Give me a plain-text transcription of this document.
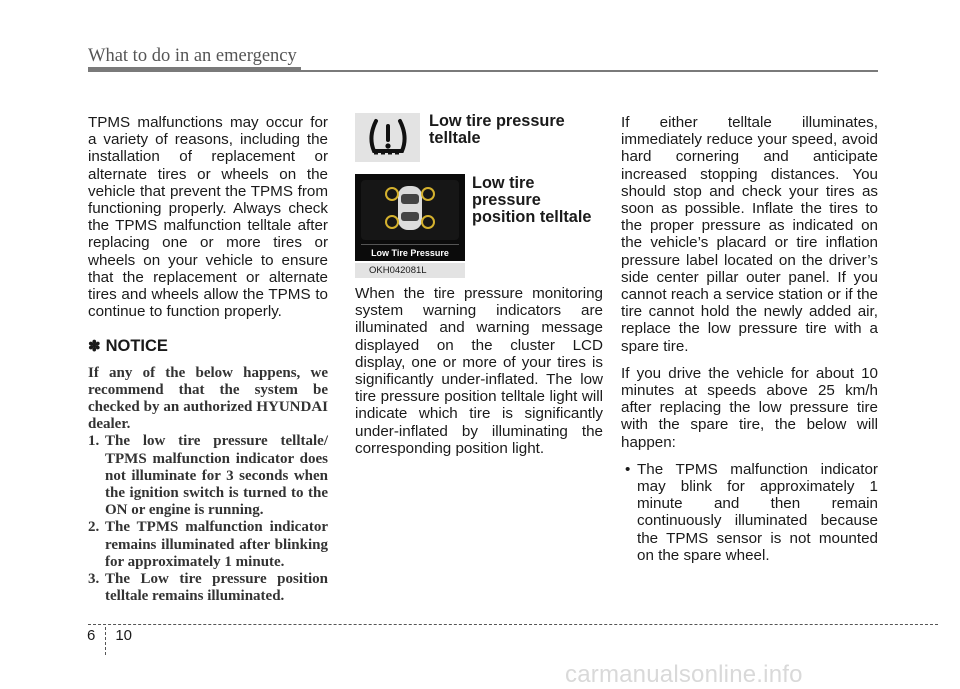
What to do in an emergency

TPMS malfunctions may occur for a variety of reasons, including the installation of replacement or alternate tires or wheels on the vehicle that prevent the TPMS from functioning properly. Always check the TPMS malfunction telltale after replacing one or more tires or wheels on your vehicle to ensure that the replacement or alternate tires and wheels allow the TPMS to continue to function properly.

✽ NOTICE

If any of the below happens, we recommend that the system be checked by an authorized HYUNDAI dealer.

1. The low tire pressure telltale/ TPMS malfunction indicator does not illuminate for 3 seconds when the ignition switch is turned to the ON or engine is running.
2. The TPMS malfunction indicator remains illuminated after blinking for approximately 1 minute.
3. The Low tire pressure position telltale remains illuminated.
Low tire pressure telltale
Low Tire Pressure
Low tire pressure position telltale
OKH042081L

When the tire pressure monitoring system warning indicators are illuminated and warning message displayed on the cluster LCD display, one or more of your tires is significantly under-inflated. The low tire pressure position telltale light will indicate which tire is significantly under-inflated by illuminating the corresponding position light.

If either telltale illuminates, immediately reduce your speed, avoid hard cornering and anticipate increased stopping distances. You should stop and check your tires as soon as possible. Inflate the tires to the proper pressure as indicated on the vehicle’s placard or tire inflation pressure label located on the driver’s side center pillar outer panel. If you cannot reach a service station or if the tire cannot hold the newly added air, replace the low pressure tire with a spare tire.

If you drive the vehicle for about 10 minutes at speeds above 25 km/h after replacing the low pressure tire with the spare tire, the below will happen:

• The TPMS malfunction indicator may blink for approximately 1 minute and then remain continuously illuminated because the TPMS sensor is not mounted on the spare wheel.
6 10
carmanualsonline.info
